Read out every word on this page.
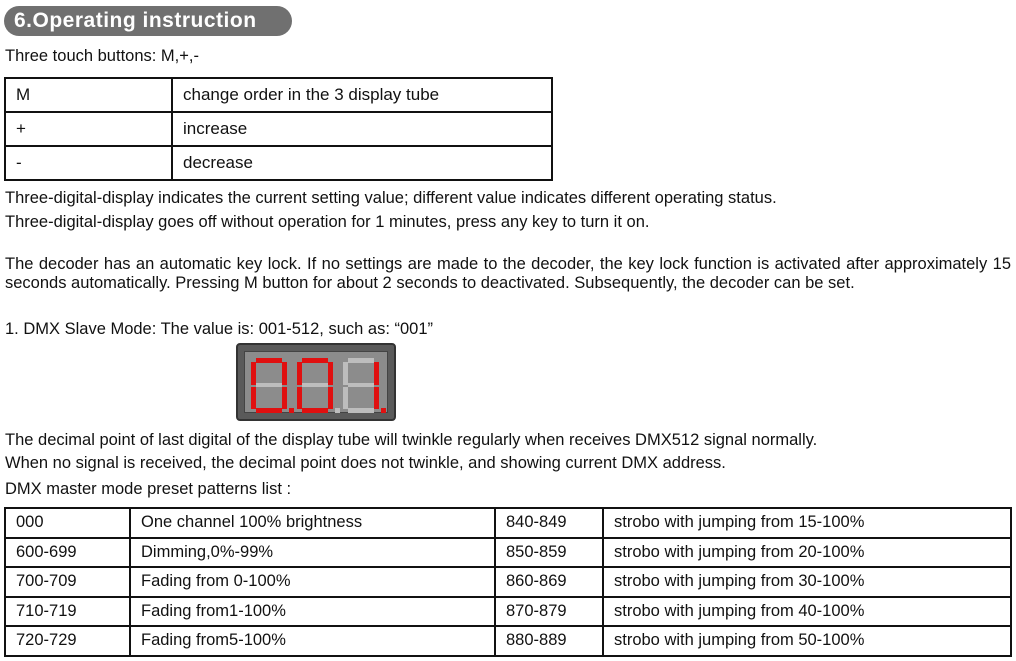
6.Operating instruction
Three touch buttons: M,+,-
M	change order in the 3 display tube
+	increase
-	decrease
Three-digital-display indicates the current setting value; different value indicates different operating status.
Three-digital-display goes off without operation for 1 minutes, press any key to turn it on.
The decoder has an automatic key lock. If no settings are made to the decoder, the key lock function is activated after approximately 15 seconds automatically. Pressing M button for about 2 seconds to deactivated. Subsequently, the decoder can be set.
1. DMX Slave Mode: The value is: 001-512, such as: “001”
The decimal point of last digital of the display tube will twinkle regularly when receives DMX512 signal normally.
When no signal is received, the decimal point does not twinkle, and showing current DMX address.
DMX master mode preset patterns list :
000	One channel 100% brightness	840-849	strobo with jumping from 15-100%
600-699	Dimming,0%-99%	850-859	strobo with jumping from 20-100%
700-709	Fading from 0-100%	860-869	strobo with jumping from 30-100%
710-719	Fading from1-100%	870-879	strobo with jumping from 40-100%
720-729	Fading from5-100%	880-889	strobo with jumping from 50-100%
